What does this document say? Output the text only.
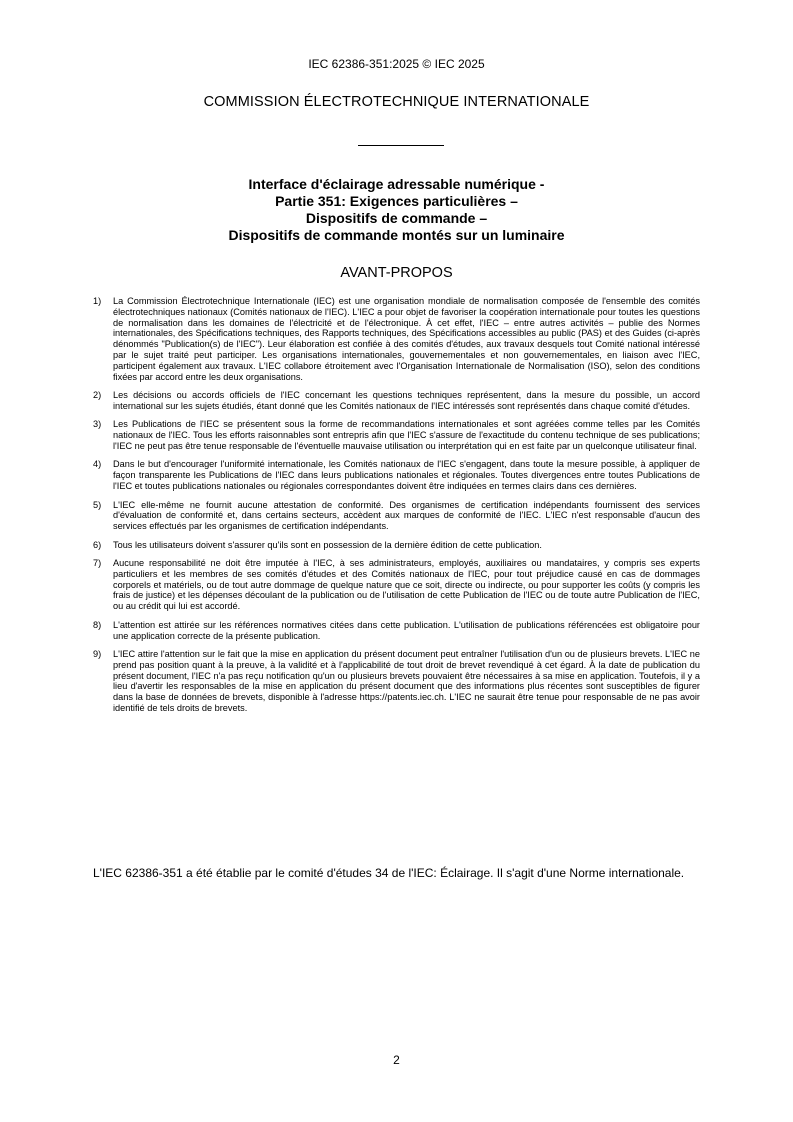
IEC 62386-351:2025 © IEC 2025
COMMISSION ÉLECTROTECHNIQUE INTERNATIONALE
Interface d'éclairage adressable numérique -
Partie 351: Exigences particulières –
Dispositifs de commande –
Dispositifs de commande montés sur un luminaire
AVANT-PROPOS
1)	La Commission Électrotechnique Internationale (IEC) est une organisation mondiale de normalisation composée de l'ensemble des comités électrotechniques nationaux (Comités nationaux de l'IEC). L'IEC a pour objet de favoriser la coopération internationale pour toutes les questions de normalisation dans les domaines de l'électricité et de l'électronique. À cet effet, l'IEC – entre autres activités – publie des Normes internationales, des Spécifications techniques, des Rapports techniques, des Spécifications accessibles au public (PAS) et des Guides (ci-après dénommés "Publication(s) de l'IEC"). Leur élaboration est confiée à des comités d'études, aux travaux desquels tout Comité national intéressé par le sujet traité peut participer. Les organisations internationales, gouvernementales et non gouvernementales, en liaison avec l'IEC, participent également aux travaux. L'IEC collabore étroitement avec l'Organisation Internationale de Normalisation (ISO), selon des conditions fixées par accord entre les deux organisations.
2)	Les décisions ou accords officiels de l'IEC concernant les questions techniques représentent, dans la mesure du possible, un accord international sur les sujets étudiés, étant donné que les Comités nationaux de l'IEC intéressés sont représentés dans chaque comité d'études.
3)	Les Publications de l'IEC se présentent sous la forme de recommandations internationales et sont agréées comme telles par les Comités nationaux de l'IEC. Tous les efforts raisonnables sont entrepris afin que l'IEC s'assure de l'exactitude du contenu technique de ses publications; l'IEC ne peut pas être tenue responsable de l'éventuelle mauvaise utilisation ou interprétation qui en est faite par un quelconque utilisateur final.
4)	Dans le but d'encourager l'uniformité internationale, les Comités nationaux de l'IEC s'engagent, dans toute la mesure possible, à appliquer de façon transparente les Publications de l'IEC dans leurs publications nationales et régionales. Toutes divergences entre toutes Publications de l'IEC et toutes publications nationales ou régionales correspondantes doivent être indiquées en termes clairs dans ces dernières.
5)	L'IEC elle-même ne fournit aucune attestation de conformité. Des organismes de certification indépendants fournissent des services d'évaluation de conformité et, dans certains secteurs, accèdent aux marques de conformité de l'IEC. L'IEC n'est responsable d'aucun des services effectués par les organismes de certification indépendants.
6)	Tous les utilisateurs doivent s'assurer qu'ils sont en possession de la dernière édition de cette publication.
7)	Aucune responsabilité ne doit être imputée à l'IEC, à ses administrateurs, employés, auxiliaires ou mandataires, y compris ses experts particuliers et les membres de ses comités d'études et des Comités nationaux de l'IEC, pour tout préjudice causé en cas de dommages corporels et matériels, ou de tout autre dommage de quelque nature que ce soit, directe ou indirecte, ou pour supporter les coûts (y compris les frais de justice) et les dépenses découlant de la publication ou de l'utilisation de cette Publication de l'IEC ou de toute autre Publication de l'IEC, ou au crédit qui lui est accordé.
8)	L'attention est attirée sur les références normatives citées dans cette publication. L'utilisation de publications référencées est obligatoire pour une application correcte de la présente publication.
9)	L'IEC attire l'attention sur le fait que la mise en application du présent document peut entraîner l'utilisation d'un ou de plusieurs brevets. L'IEC ne prend pas position quant à la preuve, à la validité et à l'applicabilité de tout droit de brevet revendiqué à cet égard. À la date de publication du présent document, l'IEC n'a pas reçu notification qu'un ou plusieurs brevets pouvaient être nécessaires à sa mise en application. Toutefois, il y a lieu d'avertir les responsables de la mise en application du présent document que des informations plus récentes sont susceptibles de figurer dans la base de données de brevets, disponible à l'adresse https://patents.iec.ch. L'IEC ne saurait être tenue pour responsable de ne pas avoir identifié de tels droits de brevets.

L'IEC 62386-351 a été établie par le comité d'études 34 de l'IEC: Éclairage. Il s'agit d'une Norme internationale.

2
